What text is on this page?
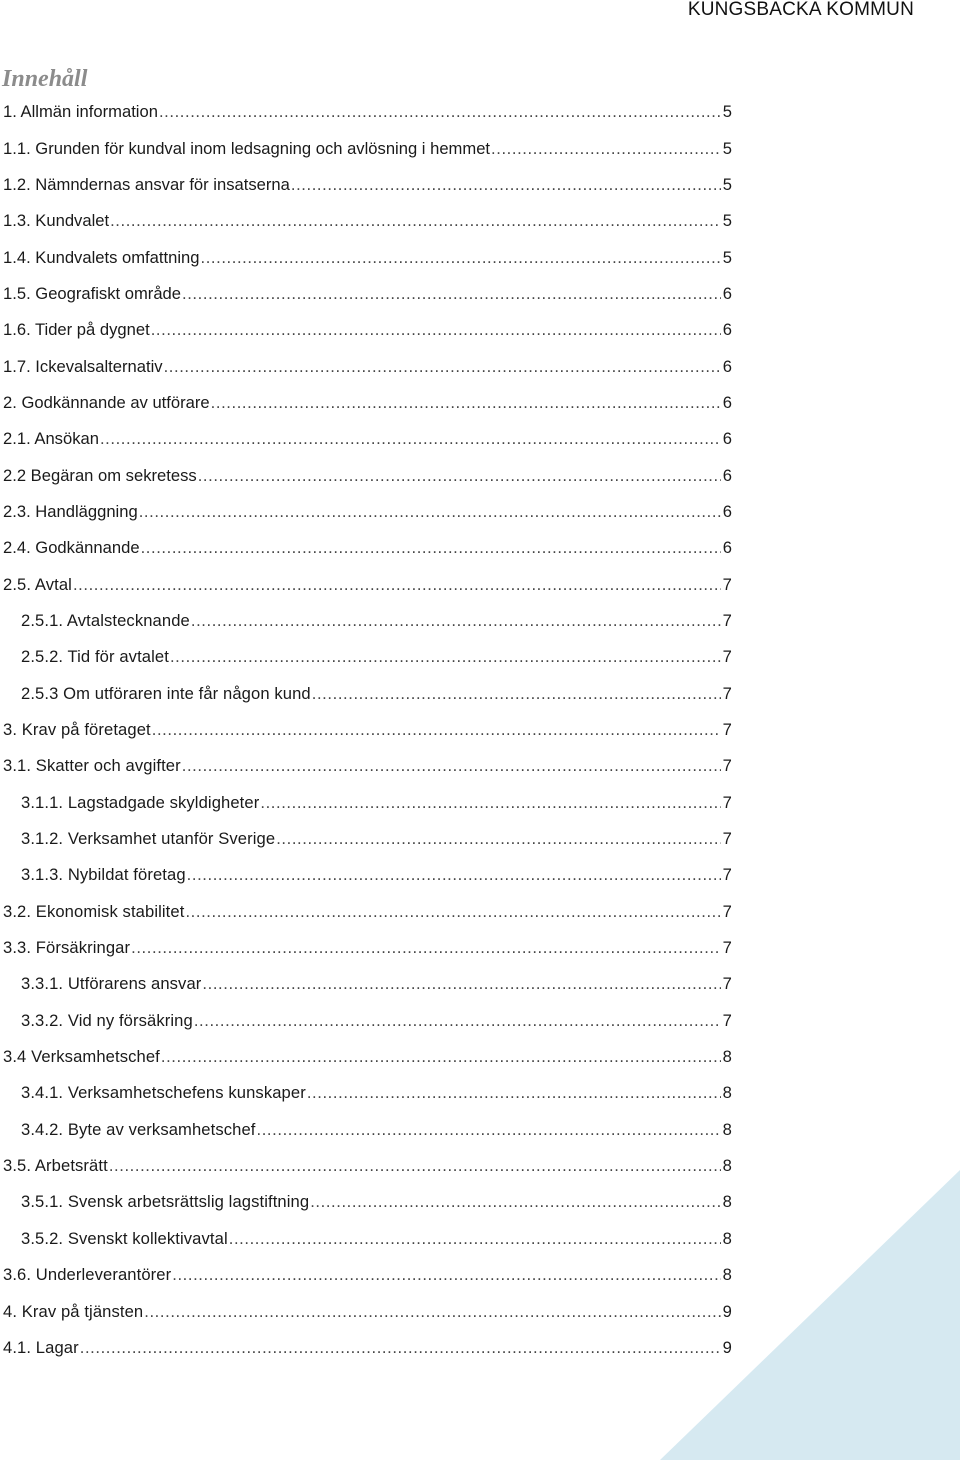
KUNGSBACKA KOMMUN
Innehåll
1. Allmän information .....	5
1.1. Grunden för kundval inom ledsagning och avlösning i hemmet .....	5
1.2. Nämndernas ansvar för insatserna .....	5
1.3. Kundvalet .....	5
1.4. Kundvalets omfattning .....	5
1.5. Geografiskt område .....	6
1.6. Tider på dygnet .....	6
1.7. Ickevalsalternativ .....	6
2. Godkännande av utförare .....	6
2.1. Ansökan .....	6
2.2 Begäran om sekretess .....	6
2.3. Handläggning .....	6
2.4. Godkännande .....	6
2.5. Avtal .....	7
2.5.1. Avtalstecknande .....	7
2.5.2. Tid för avtalet .....	7
2.5.3 Om utföraren inte får någon kund .....	7
3. Krav på företaget .....	7
3.1. Skatter och avgifter .....	7
3.1.1. Lagstadgade skyldigheter .....	7
3.1.2. Verksamhet utanför Sverige .....	7
3.1.3. Nybildat företag .....	7
3.2. Ekonomisk stabilitet .....	7
3.3. Försäkringar .....	7
3.3.1. Utförarens ansvar .....	7
3.3.2. Vid ny försäkring .....	7
3.4 Verksamhetschef .....	8
3.4.1. Verksamhetschefens kunskaper .....	8
3.4.2. Byte av verksamhetschef .....	8
3.5. Arbetsrätt .....	8
3.5.1. Svensk arbetsrättslig lagstiftning .....	8
3.5.2. Svenskt kollektivavtal .....	8
3.6. Underleverantörer .....	8
4. Krav på tjänsten .....	9
4.1. Lagar .....	9
